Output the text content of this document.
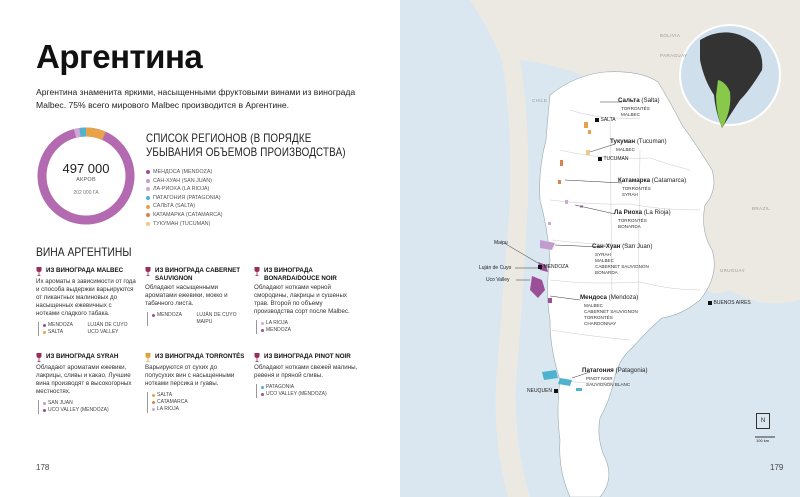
Аргентина
Аргентина знаменита яркими, насыщенными фруктовыми винами из винограда Malbec. 75% всего мирового Malbec производится в Аргентине.
497 000
АКРОВ
202 000 ГА
СПИСОК РЕГИОНОВ (В ПОРЯДКЕ УБЫВАНИЯ ОБЪЕМОВ ПРОИЗВОДСТВА)
МЕНДОСА (MENDOZA)
САН-ХУАН (SAN JUAN)
ЛА-РИОХА (LA RIOJA)
ПАТАГОНИЯ (PATAGONIA)
САЛЬТА (SALTA)
КАТАМАРКА (CATAMARCA)
ТУКУМАН (TUCUMAN)
ВИНА АРГЕНТИНЫ
ИЗ ВИНОГРАДА MALBEC
Их ароматы в зависимости от года и способа выдержки варьируются от пикантных малиновых до насыщенных ежевичных с нотками сладкого табака.
MENDOZA	LUJÁN DE CUYO
SALTA	UCO VALLEY
ИЗ ВИНОГРАДА CABERNET SAUVIGNON
Обладают насыщенными ароматами ежевики, мокко и табачного листа.
MENDOZA	LUJÁN DE CUYO
MAIPU
ИЗ ВИНОГРАДА BONARDA/DOUCE NOIR
Обладают нотками черной смородины, лакрицы и сушеных трав. Второй по объему производства сорт после Malbec.
LA RIOJA
MENDOZA
ИЗ ВИНОГРАДА SYRAH
Обладают ароматами ежевики, лакрицы, сливы и какао. Лучшие вина производят в высокогорных местностях.
SAN JUAN
UCO VALLEY (MENDOZA)
ИЗ ВИНОГРАДА TORRONTÉS
Варьируются от сухих до полусухих вин с насыщенными нотками персика и гуавы.
SALTA
CATAMARCA
LA RIOJA
ИЗ ВИНОГРАДА PINOT NOIR
Обладают нотками свежей малины, ревеня и пряной сливы.
PATAGONIA
UCO VALLEY (MENDOZA)
178
N
100 km
BOLIVIA
PARAGUAY
CHILE
BRAZIL
URUGUAY
Сальта (Salta)
TORRONTÉS
MALBEC
SALTA
Тукуман (Tucuman)
MALBEC
TUCUMAN
Катамарка (Catamarca)
TORRONTÉS
SYRAH
Ла Риоха (La Rioja)
TORRONTÉS
BONARDA
Сан-Хуан (San Juan)
SYRAH
MALBEC
CABERNET SAUVIGNON
BONARDA
MENDOZA
Maipu
Luján de Cuyo
Uco Valley
Мендоса (Mendoza)
MALBEC
CABERNET SAUVIGNON
TORRONTÉS
CHARDONNAY
Патагония (Patagonia)
PINOT NOIR
SAUVIGNON BLANC
NEUQUEN
BUENOS AIRES
179
